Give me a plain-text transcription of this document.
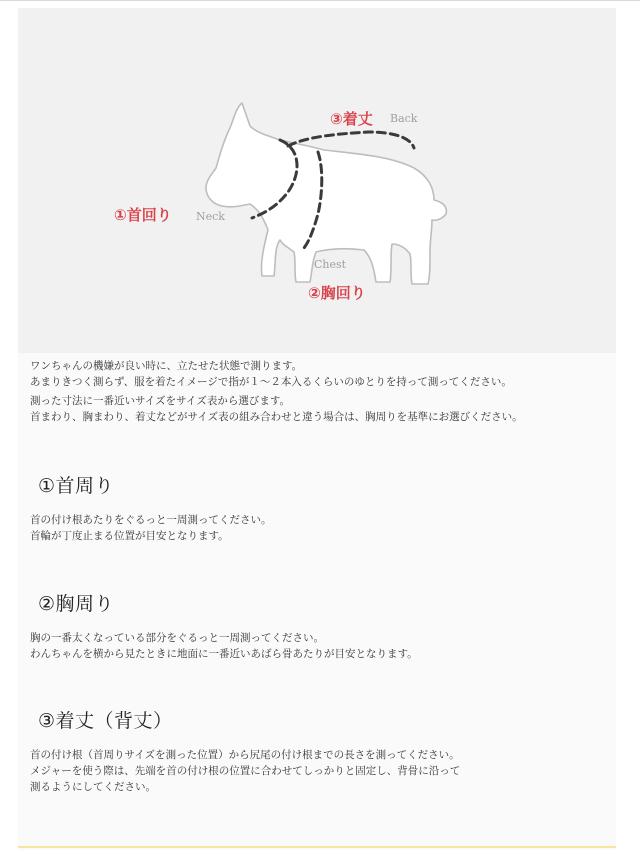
①首回り Neck
③着丈 Back
Chest
②胸回り

ワンちゃんの機嫌が良い時に、立たせた状態で測ります。

あまりきつく測らず、服を着たイメージで指が１～２本入るくらいのゆとりを持って測ってください。

測った寸法に一番近いサイズをサイズ表から選びます。

首まわり、胸まわり、着丈などがサイズ表の組み合わせと違う場合は、胸周りを基準にお選びください。

①首周り

首の付け根あたりをぐるっと一周測ってください。

首輪が丁度止まる位置が目安となります。

②胸周り

胸の一番太くなっている部分をぐるっと一周測ってください。

わんちゃんを横から見たときに地面に一番近いあばら骨あたりが目安となります。

③着丈（背丈）

首の付け根（首周りサイズを測った位置）から尻尾の付け根までの長さを測ってください。

メジャーを使う際は、先端を首の付け根の位置に合わせてしっかりと固定し、背骨に沿って

測るようにしてください。
